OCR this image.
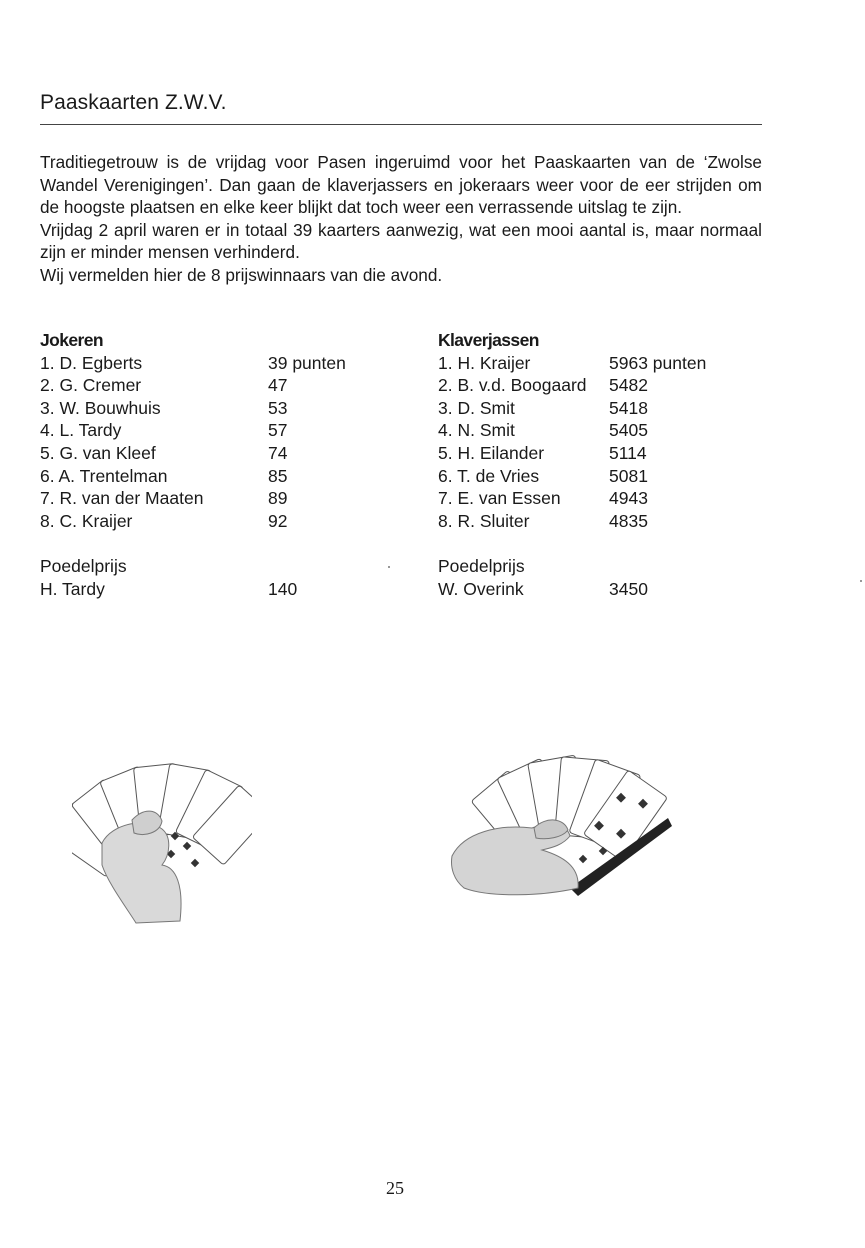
Paaskaarten Z.W.V.

Traditiegetrouw is de vrijdag voor Pasen ingeruimd voor het Paaskaarten van de ‘Zwolse Wandel Verenigingen’. Dan gaan de klaverjassers en jokeraars weer voor de eer strijden om de hoogste plaatsen en elke keer blijkt dat toch weer een verrassende uitslag te zijn.

Vrijdag 2 april waren er in totaal 39 kaarters aanwezig, wat een mooi aantal is, maar normaal zijn er minder mensen verhinderd.

Wij vermelden hier de 8 prijswinnaars van die avond.

Jokeren
1. D. Egberts	39 punten
2. G. Cremer	47
3. W. Bouwhuis	53
4. L. Tardy	57
5. G. van Kleef	74
6. A. Trentelman	85
7. R. van der Maaten	89
8. C. Kraijer	92
Poedelprijs
H. Tardy	140
Klaverjassen
1. H. Kraijer	5963 punten
2. B. v.d. Boogaard	5482
3. D. Smit	5418
4. N. Smit	5405
5. H. Eilander	5114
6. T. de Vries	5081
7. E. van Essen	4943
8. R. Sluiter	4835
Poedelprijs
W. Overink	3450
25
